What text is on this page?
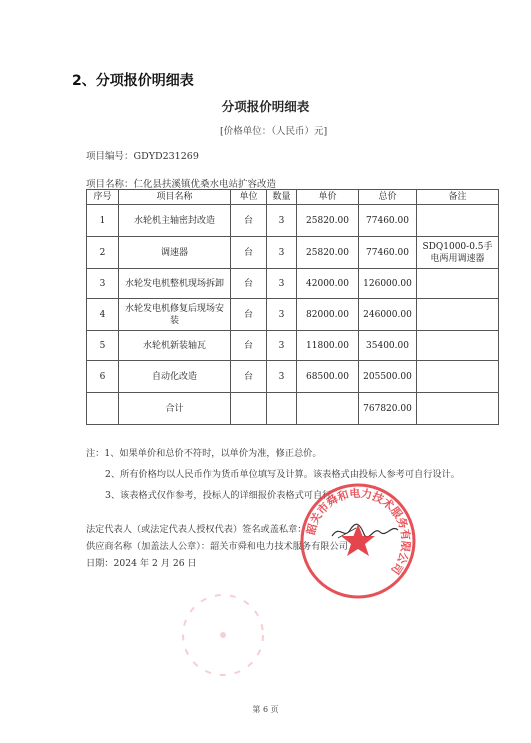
2、分项报价明细表
分项报价明细表
[价格单位：（人民币）元]
项目编号：GDYD231269
项目名称：仁化县扶溪镇优桑水电站扩容改造
序号	项目名称	单位	数量	单价	总价	备注
1	水轮机主轴密封改造	台	3	25820.00	77460.00	
2	调速器	台	3	25820.00	77460.00	SDQ1000-0.5手电两用调速器
3	水轮发电机整机现场拆卸	台	3	42000.00	126000.00	
4	水轮发电机修复后现场安装	台	3	82000.00	246000.00	
5	水轮机新装轴瓦	台	3	11800.00	35400.00	
6	自动化改造	台	3	68500.00	205500.00	
	合计				767820.00	
注：1、如果单价和总价不符时，以单价为准，修正总价。
2、所有价格均以人民币作为货币单位填写及计算。该表格式由投标人参考可自行设计。
3、该表格式仅作参考，投标人的详细报价表格式可自行
法定代表人（或法定代表人授权代表）签名或盖私章：
供应商名称（加盖法人公章）：韶关市舜和电力技术服务有限公司
日期：2024 年 2 月 26 日
韶关市舜和电力技术服务有限公司
第 6 页
